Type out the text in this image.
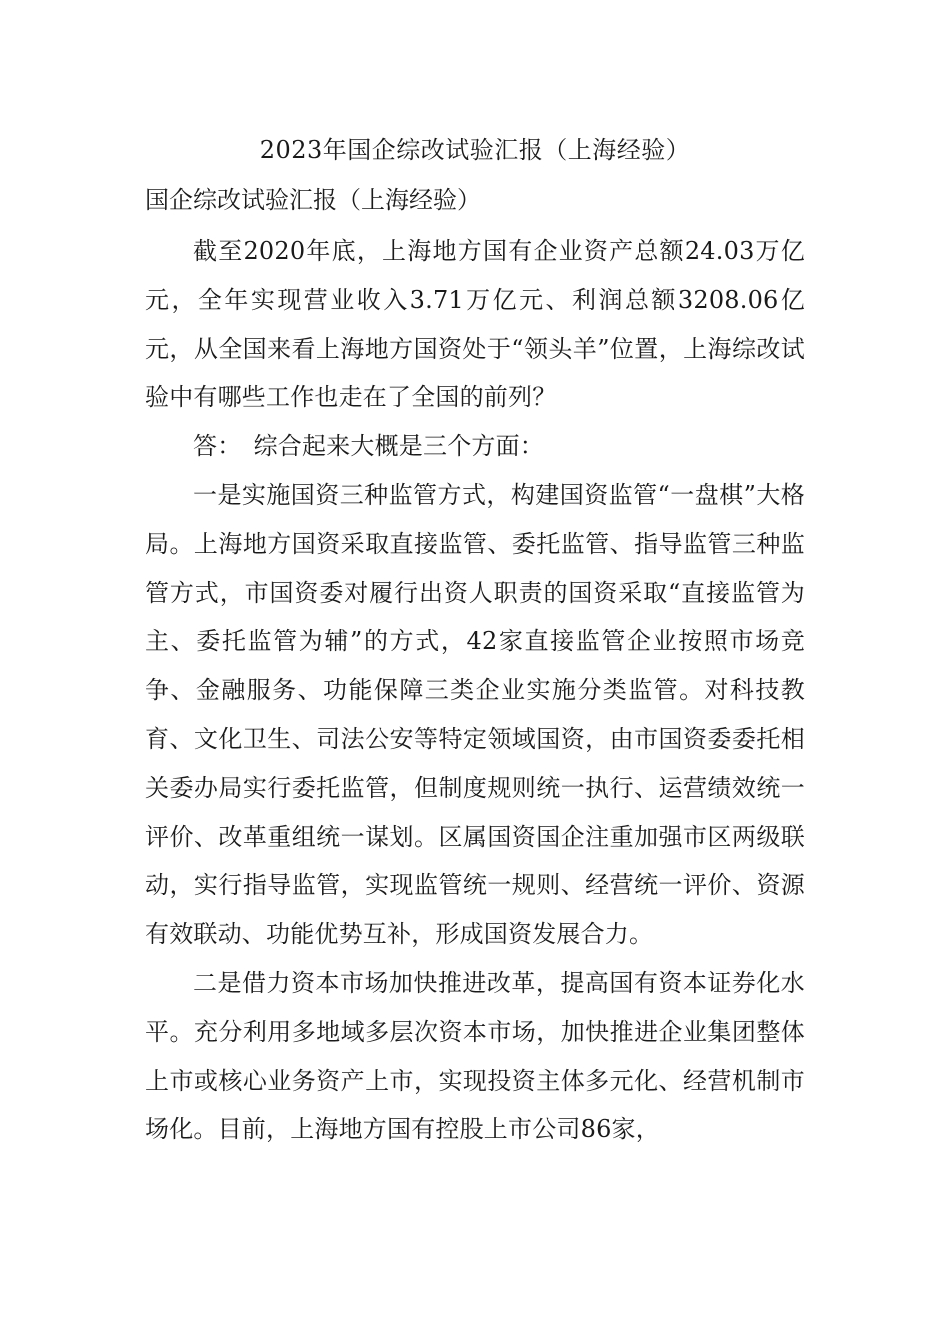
2023年国企综改试验汇报（上海经验）

国企综改试验汇报（上海经验）

截至2020年底，上海地方国有企业资产总额24.03万亿元，全年实现营业收入3.71万亿元、利润总额3208.06亿元，从全国来看上海地方国资处于“领头羊”位置，上海综改试验中有哪些工作也走在了全国的前列？

答：　综合起来大概是三个方面：

一是实施国资三种监管方式，构建国资监管“一盘棋”大格局。上海地方国资采取直接监管、委托监管、指导监管三种监管方式，市国资委对履行出资人职责的国资采取“直接监管为主、委托监管为辅”的方式，42家直接监管企业按照市场竞争、金融服务、功能保障三类企业实施分类监管。对科技教育、文化卫生、司法公安等特定领域国资，由市国资委委托相关委办局实行委托监管，但制度规则统一执行、运营绩效统一评价、改革重组统一谋划。区属国资国企注重加强市区两级联动，实行指导监管，实现监管统一规则、经营统一评价、资源有效联动、功能优势互补，形成国资发展合力。

二是借力资本市场加快推进改革，提高国有资本证券化水平。充分利用多地域多层次资本市场，加快推进企业集团整体上市或核心业务资产上市，实现投资主体多元化、经营机制市场化。目前，上海地方国有控股上市公司86家，
